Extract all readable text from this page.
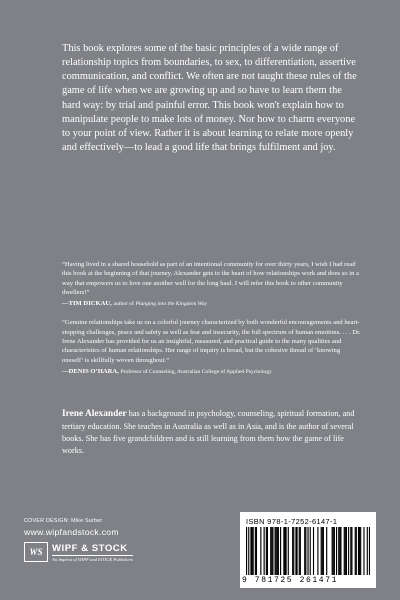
This book explores some of the basic principles of a wide range of relationship topics from boundaries, to sex, to differentiation, assertive communication, and conflict. We often are not taught these rules of the game of life when we are growing up and so have to learn them the hard way: by trial and painful error. This book won't explain how to manipulate people to make lots of money. Nor how to charm everyone to your point of view. Rather it is about learning to relate more openly and effectively—to lead a good life that brings fulfilment and joy.

“Having lived in a shared household as part of an intentional community for over thirty years, I wish I had read this book at the beginning of that journey. Alexander gets to the heart of how relationships work and does so in a way that empowers us to love one another well for the long haul. I will refer this book to other community dwellers!”

—TIM DICKAU, author of Plunging into the Kingdom Way

“Genuine relationships take us on a colorful journey characterized by both wonderful encouragements and heart-stopping challenges, peace and safety as well as fear and insecurity, the full spectrum of human emotions. . . . Dr. Irene Alexander has provided for us an insightful, measured, and practical guide to the many qualities and characteristics of human relationships. Her range of inquiry is broad, but the cohesive thread of ‘knowing oneself’ is skillfully woven throughout.”

—DENIS O’HARA, Professor of Counseling, Australian College of Applied Psychology

Irene Alexander has a background in psychology, counseling, spiritual formation, and tertiary education. She teaches in Australia as well as in Asia, and is the author of several books. She has five grandchildren and is still learning from them how the game of life works.

COVER DESIGN: Mike Surber
www.wipfandstock.com
WS WIPF & STOCK
An Imprint of WIPF and STOCK Publishers
ISBN 978-1-7252-6147-1
9 781725 261471
